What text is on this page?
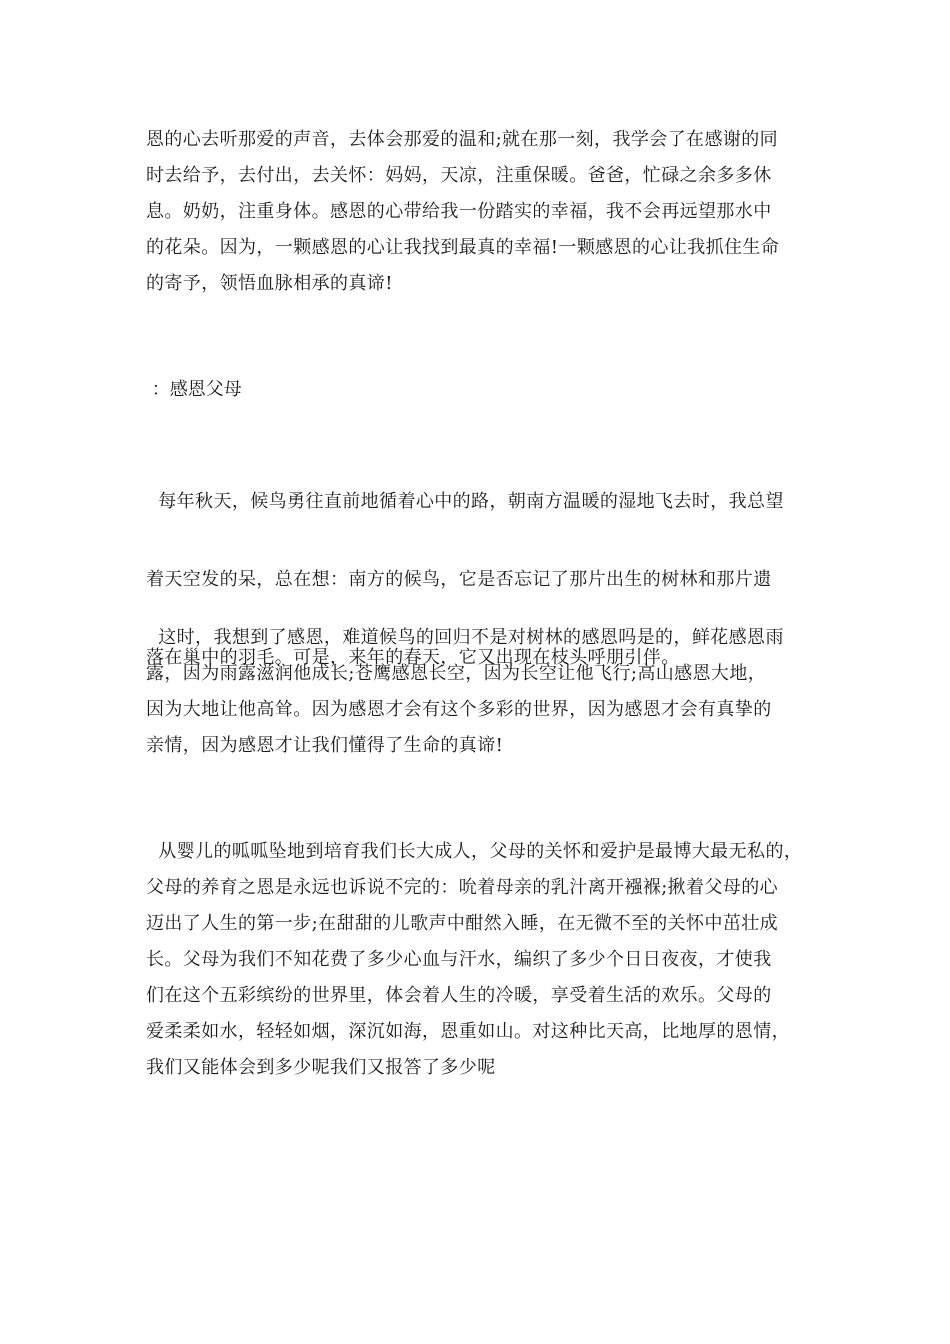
恩的心去听那爱的声音，去体会那爱的温和;就在那一刻，我学会了在感谢的同
时去给予，去付出，去关怀：妈妈，天凉，注重保暖。爸爸，忙碌之余多多休
息。奶奶，注重身体。感恩的心带给我一份踏实的幸福，我不会再远望那水中
的花朵。因为，一颗感恩的心让我找到最真的幸福!一颗感恩的心让我抓住生命
的寄予，领悟血脉相承的真谛!
：感恩父母

每年秋天，候鸟勇往直前地循着心中的路，朝南方温暖的湿地飞去时，我总望

着天空发的呆，总在想：南方的候鸟，它是否忘记了那片出生的树林和那片遗

落在巢中的羽毛。可是，来年的春天，它又出现在枝头呼朋引伴。

这时，我想到了感恩，难道候鸟的回归不是对树林的感恩吗是的，鲜花感恩雨
露，因为雨露滋润他成长;苍鹰感恩长空，因为长空让他飞行;高山感恩大地，
因为大地让他高耸。因为感恩才会有这个多彩的世界，因为感恩才会有真挚的
亲情，因为感恩才让我们懂得了生命的真谛!
从婴儿的呱呱坠地到培育我们长大成人，父母的关怀和爱护是最博大最无私的，
父母的养育之恩是永远也诉说不完的：吮着母亲的乳汁离开襁褓;揪着父母的心
迈出了人生的第一步;在甜甜的儿歌声中酣然入睡，在无微不至的关怀中茁壮成
长。父母为我们不知花费了多少心血与汗水，编织了多少个日日夜夜，才使我
们在这个五彩缤纷的世界里，体会着人生的冷暖，享受着生活的欢乐。父母的
爱柔柔如水，轻轻如烟，深沉如海，恩重如山。对这种比天高，比地厚的恩情，
我们又能体会到多少呢我们又报答了多少呢
